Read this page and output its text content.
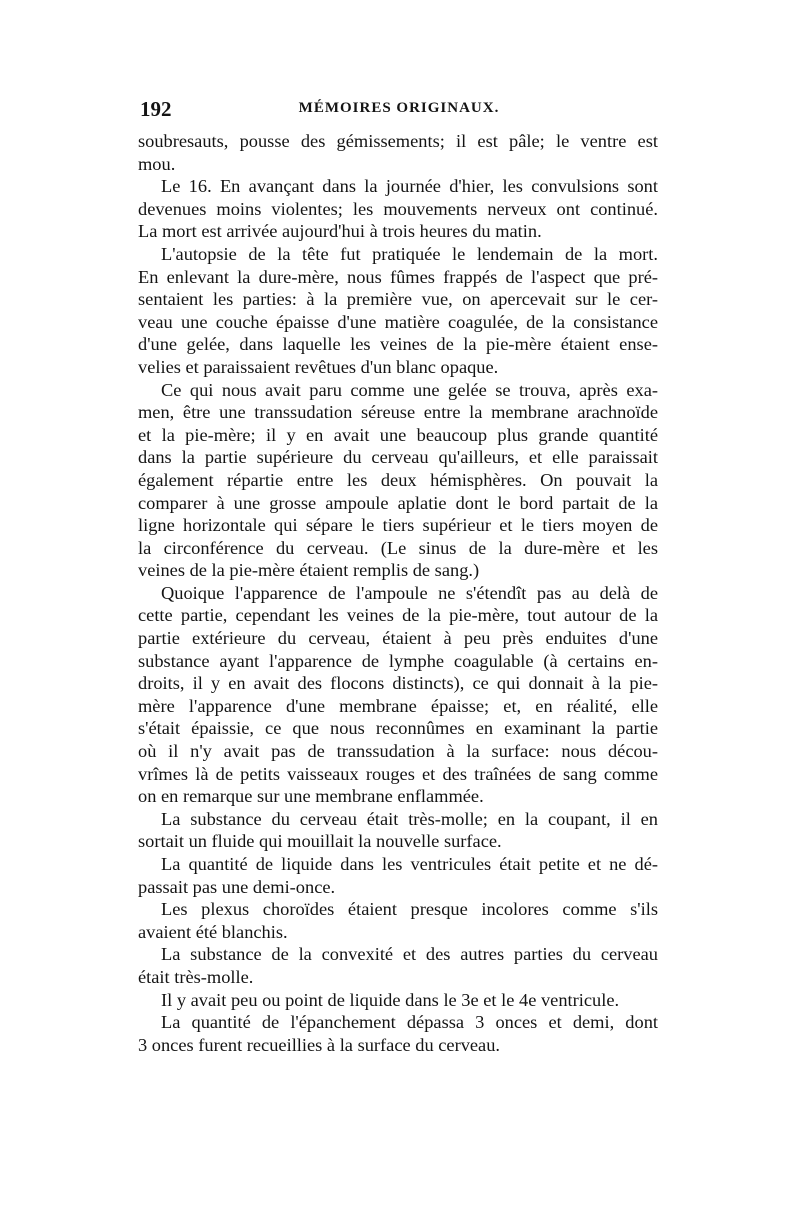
192	MÉMOIRES ORIGINAUX.
soubresauts, pousse des gémissements; il est pâle; le ventre est
mou.
Le 16. En avançant dans la journée d'hier, les convulsions sont
devenues moins violentes; les mouvements nerveux ont continué.
La mort est arrivée aujourd'hui à trois heures du matin.
L'autopsie de la tête fut pratiquée le lendemain de la mort.
En enlevant la dure-mère, nous fûmes frappés de l'aspect que pré-
sentaient les parties: à la première vue, on apercevait sur le cer-
veau une couche épaisse d'une matière coagulée, de la consistance
d'une gelée, dans laquelle les veines de la pie-mère étaient ense-
velies et paraissaient revêtues d'un blanc opaque.
Ce qui nous avait paru comme une gelée se trouva, après exa-
men, être une transsudation séreuse entre la membrane arachnoïde
et la pie-mère; il y en avait une beaucoup plus grande quantité
dans la partie supérieure du cerveau qu'ailleurs, et elle paraissait
également répartie entre les deux hémisphères. On pouvait la
comparer à une grosse ampoule aplatie dont le bord partait de la
ligne horizontale qui sépare le tiers supérieur et le tiers moyen de
la circonférence du cerveau. (Le sinus de la dure-mère et les
veines de la pie-mère étaient remplis de sang.)
Quoique l'apparence de l'ampoule ne s'étendît pas au delà de
cette partie, cependant les veines de la pie-mère, tout autour de la
partie extérieure du cerveau, étaient à peu près enduites d'une
substance ayant l'apparence de lymphe coagulable (à certains en-
droits, il y en avait des flocons distincts), ce qui donnait à la pie-
mère l'apparence d'une membrane épaisse; et, en réalité, elle
s'était épaissie, ce que nous reconnûmes en examinant la partie
où il n'y avait pas de transsudation à la surface: nous décou-
vrîmes là de petits vaisseaux rouges et des traînées de sang comme
on en remarque sur une membrane enflammée.
La substance du cerveau était très-molle; en la coupant, il en
sortait un fluide qui mouillait la nouvelle surface.
La quantité de liquide dans les ventricules était petite et ne dé-
passait pas une demi-once.
Les plexus choroïdes étaient presque incolores comme s'ils
avaient été blanchis.
La substance de la convexité et des autres parties du cerveau
était très-molle.
Il y avait peu ou point de liquide dans le 3e et le 4e ventricule.
La quantité de l'épanchement dépassa 3 onces et demi, dont
3 onces furent recueillies à la surface du cerveau.
